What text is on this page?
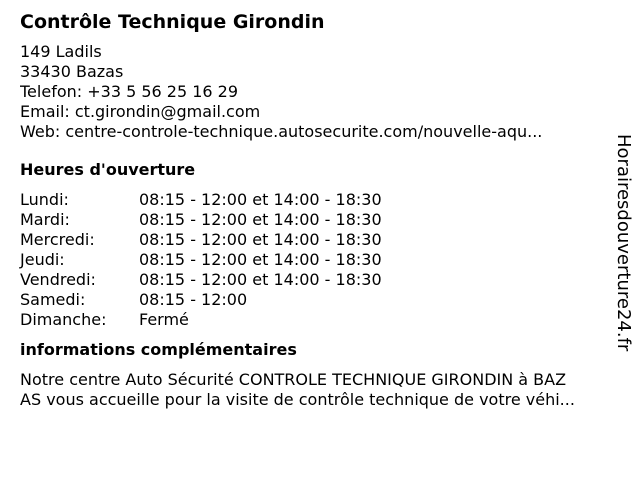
Contrôle Technique Girondin
149 Ladils
33430 Bazas
Telefon: +33 5 56 25 16 29
Email: ct.girondin@gmail.com
Web: centre-controle-technique.autosecurite.com/nouvelle-aqu...
Heures d'ouverture
Lundi:	08:15 - 12:00 et 14:00 - 18:30
Mardi:	08:15 - 12:00 et 14:00 - 18:30
Mercredi:	08:15 - 12:00 et 14:00 - 18:30
Jeudi:	08:15 - 12:00 et 14:00 - 18:30
Vendredi:	08:15 - 12:00 et 14:00 - 18:30
Samedi:	08:15 - 12:00
Dimanche: Fermé
informations complémentaires
Notre centre Auto Sécurité CONTROLE TECHNIQUE GIRONDIN à BAZ
AS vous accueille pour la visite de contrôle technique de votre véhi...
Horairesdouverture24.fr
